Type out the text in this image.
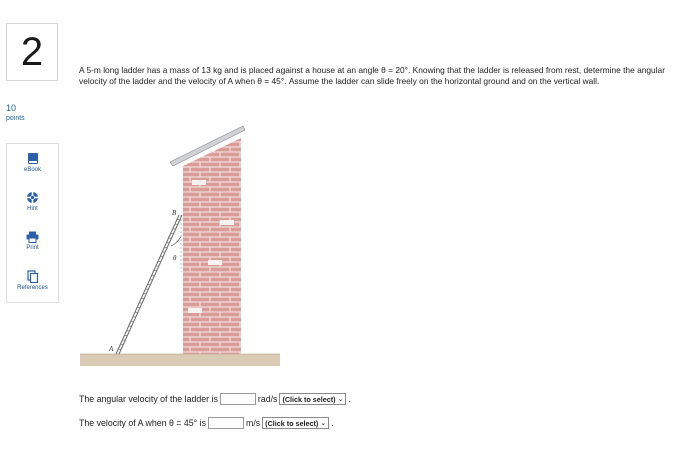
2
10
points
eBook
Hint
Print
References
A 5-m long ladder has a mass of 13 kg and is placed against a house at an angle θ = 20°. Knowing that the ladder is released from rest, determine the angular velocity of the ladder and the velocity of A when θ = 45°. Assume the ladder can slide freely on the horizontal ground and on the vertical wall.
B
θ
A
The angular velocity of the ladder is	rad/s (Click to select) ⌄ .
The velocity of A when θ = 45° is	m/s (Click to select) ⌄ .
